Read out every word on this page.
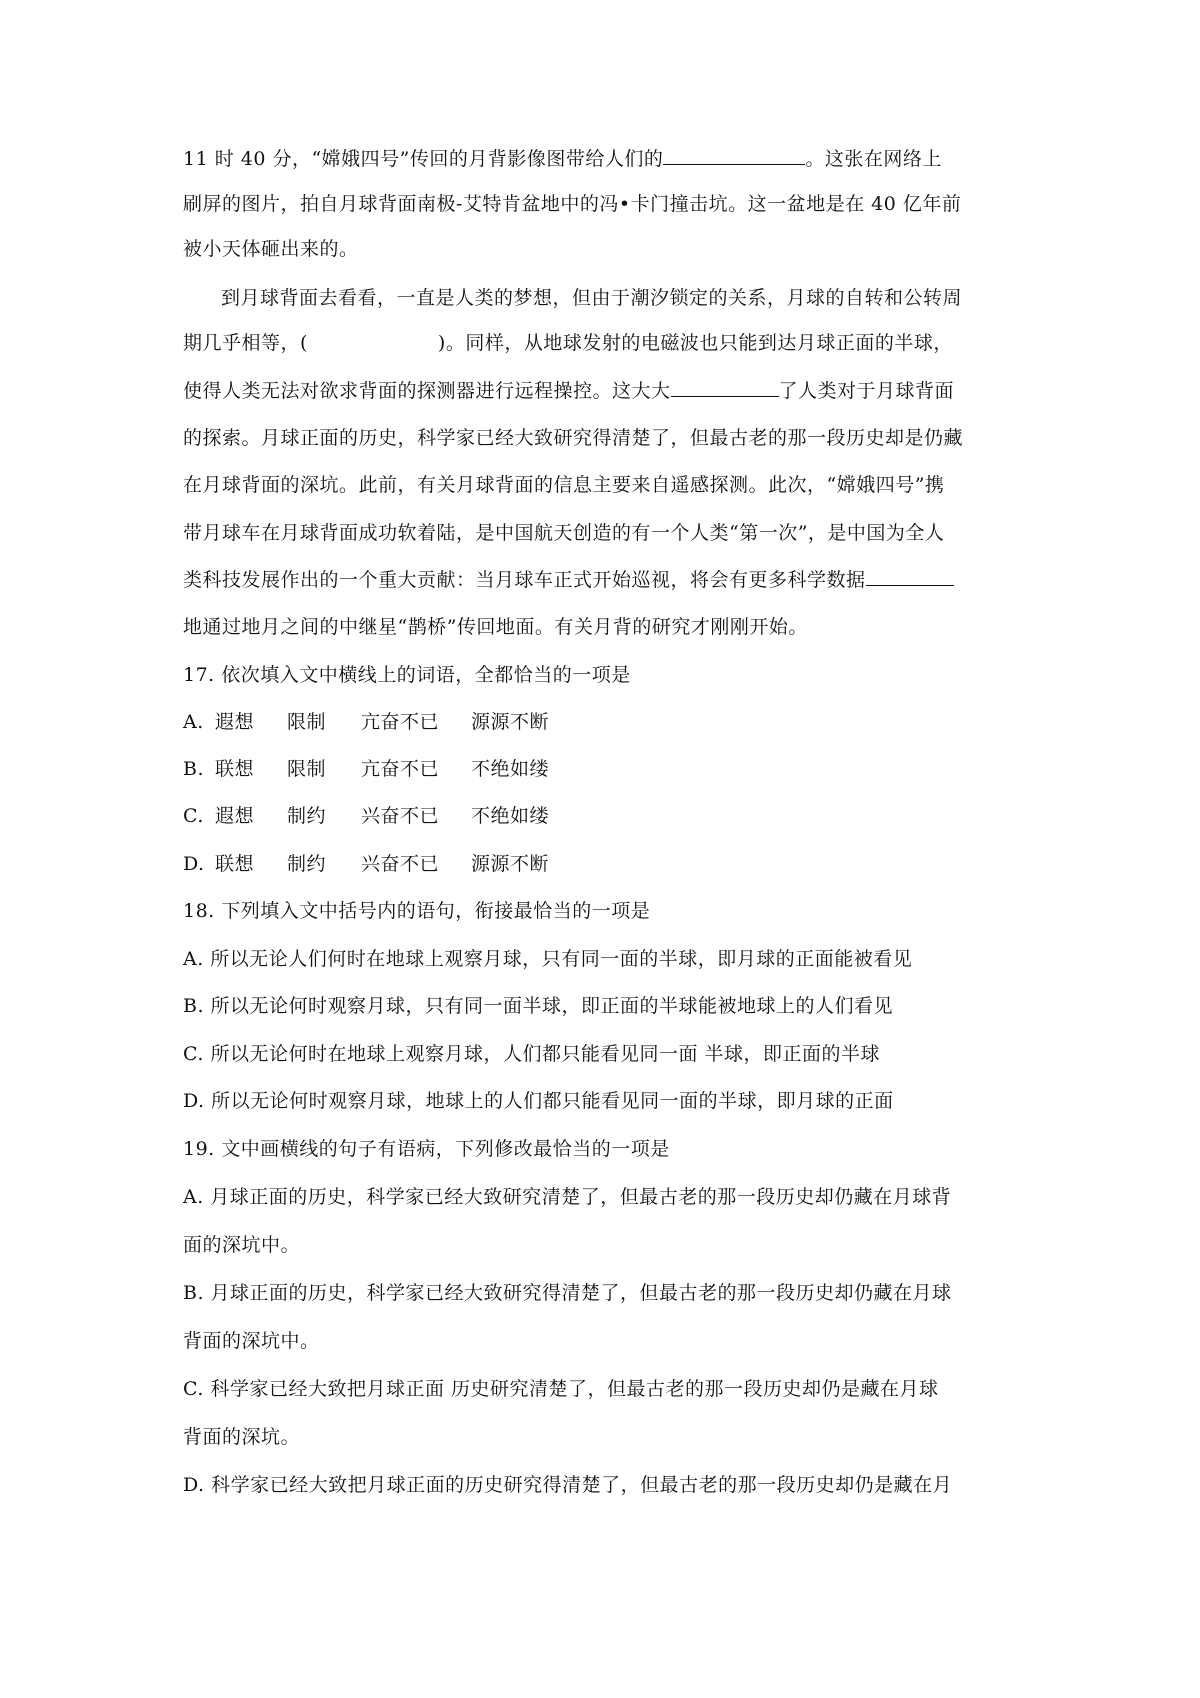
11 时 40 分，“嫦娥四号”传回的月背影像图带给人们的	。这张在网络上
刷屏的图片，拍自月球背面南极-艾特肯盆地中的冯•卡门撞击坑。这一盆地是在 40 亿年前
被小天体砸出来的。
到月球背面去看看，一直是人类的梦想，但由于潮汐锁定的关系，月球的自转和公转周
期几乎相等，(	)。同样，从地球发射的电磁波也只能到达月球正面的半球，
使得人类无法对欲求背面的探测器进行远程操控。这大大	了人类对于月球背面
的探索。月球正面的历史，科学家已经大致研究得清楚了，但最古老的那一段历史却是仍藏
在月球背面的深坑。此前，有关月球背面的信息主要来自遥感探测。此次，“嫦娥四号”携
带月球车在月球背面成功软着陆，是中国航天创造的有一个人类“第一次”，是中国为全人
类科技发展作出的一个重大贡献：当月球车正式开始巡视，将会有更多科学数据
地通过地月之间的中继星“鹊桥”传回地面。有关月背的研究才刚刚开始。
17. 依次填入文中横线上的词语，全都恰当的一项是
A. 遐想 限制 亢奋不已 源源不断
B. 联想 限制 亢奋不已 不绝如缕
C. 遐想 制约 兴奋不已 不绝如缕
D. 联想 制约 兴奋不已 源源不断
18. 下列填入文中括号内的语句，衔接最恰当的一项是
A. 所以无论人们何时在地球上观察月球，只有同一面的半球，即月球的正面能被看见
B. 所以无论何时观察月球，只有同一面半球，即正面的半球能被地球上的人们看见
C. 所以无论何时在地球上观察月球，人们都只能看见同一面 半球，即正面的半球
D. 所以无论何时观察月球，地球上的人们都只能看见同一面的半球，即月球的正面
19. 文中画横线的句子有语病，下列修改最恰当的一项是
A. 月球正面的历史，科学家已经大致研究清楚了，但最古老的那一段历史却仍藏在月球背
面的深坑中。
B. 月球正面的历史，科学家已经大致研究得清楚了，但最古老的那一段历史却仍藏在月球
背面的深坑中。
C. 科学家已经大致把月球正面 历史研究清楚了，但最古老的那一段历史却仍是藏在月球
背面的深坑。
D. 科学家已经大致把月球正面的历史研究得清楚了，但最古老的那一段历史却仍是藏在月
